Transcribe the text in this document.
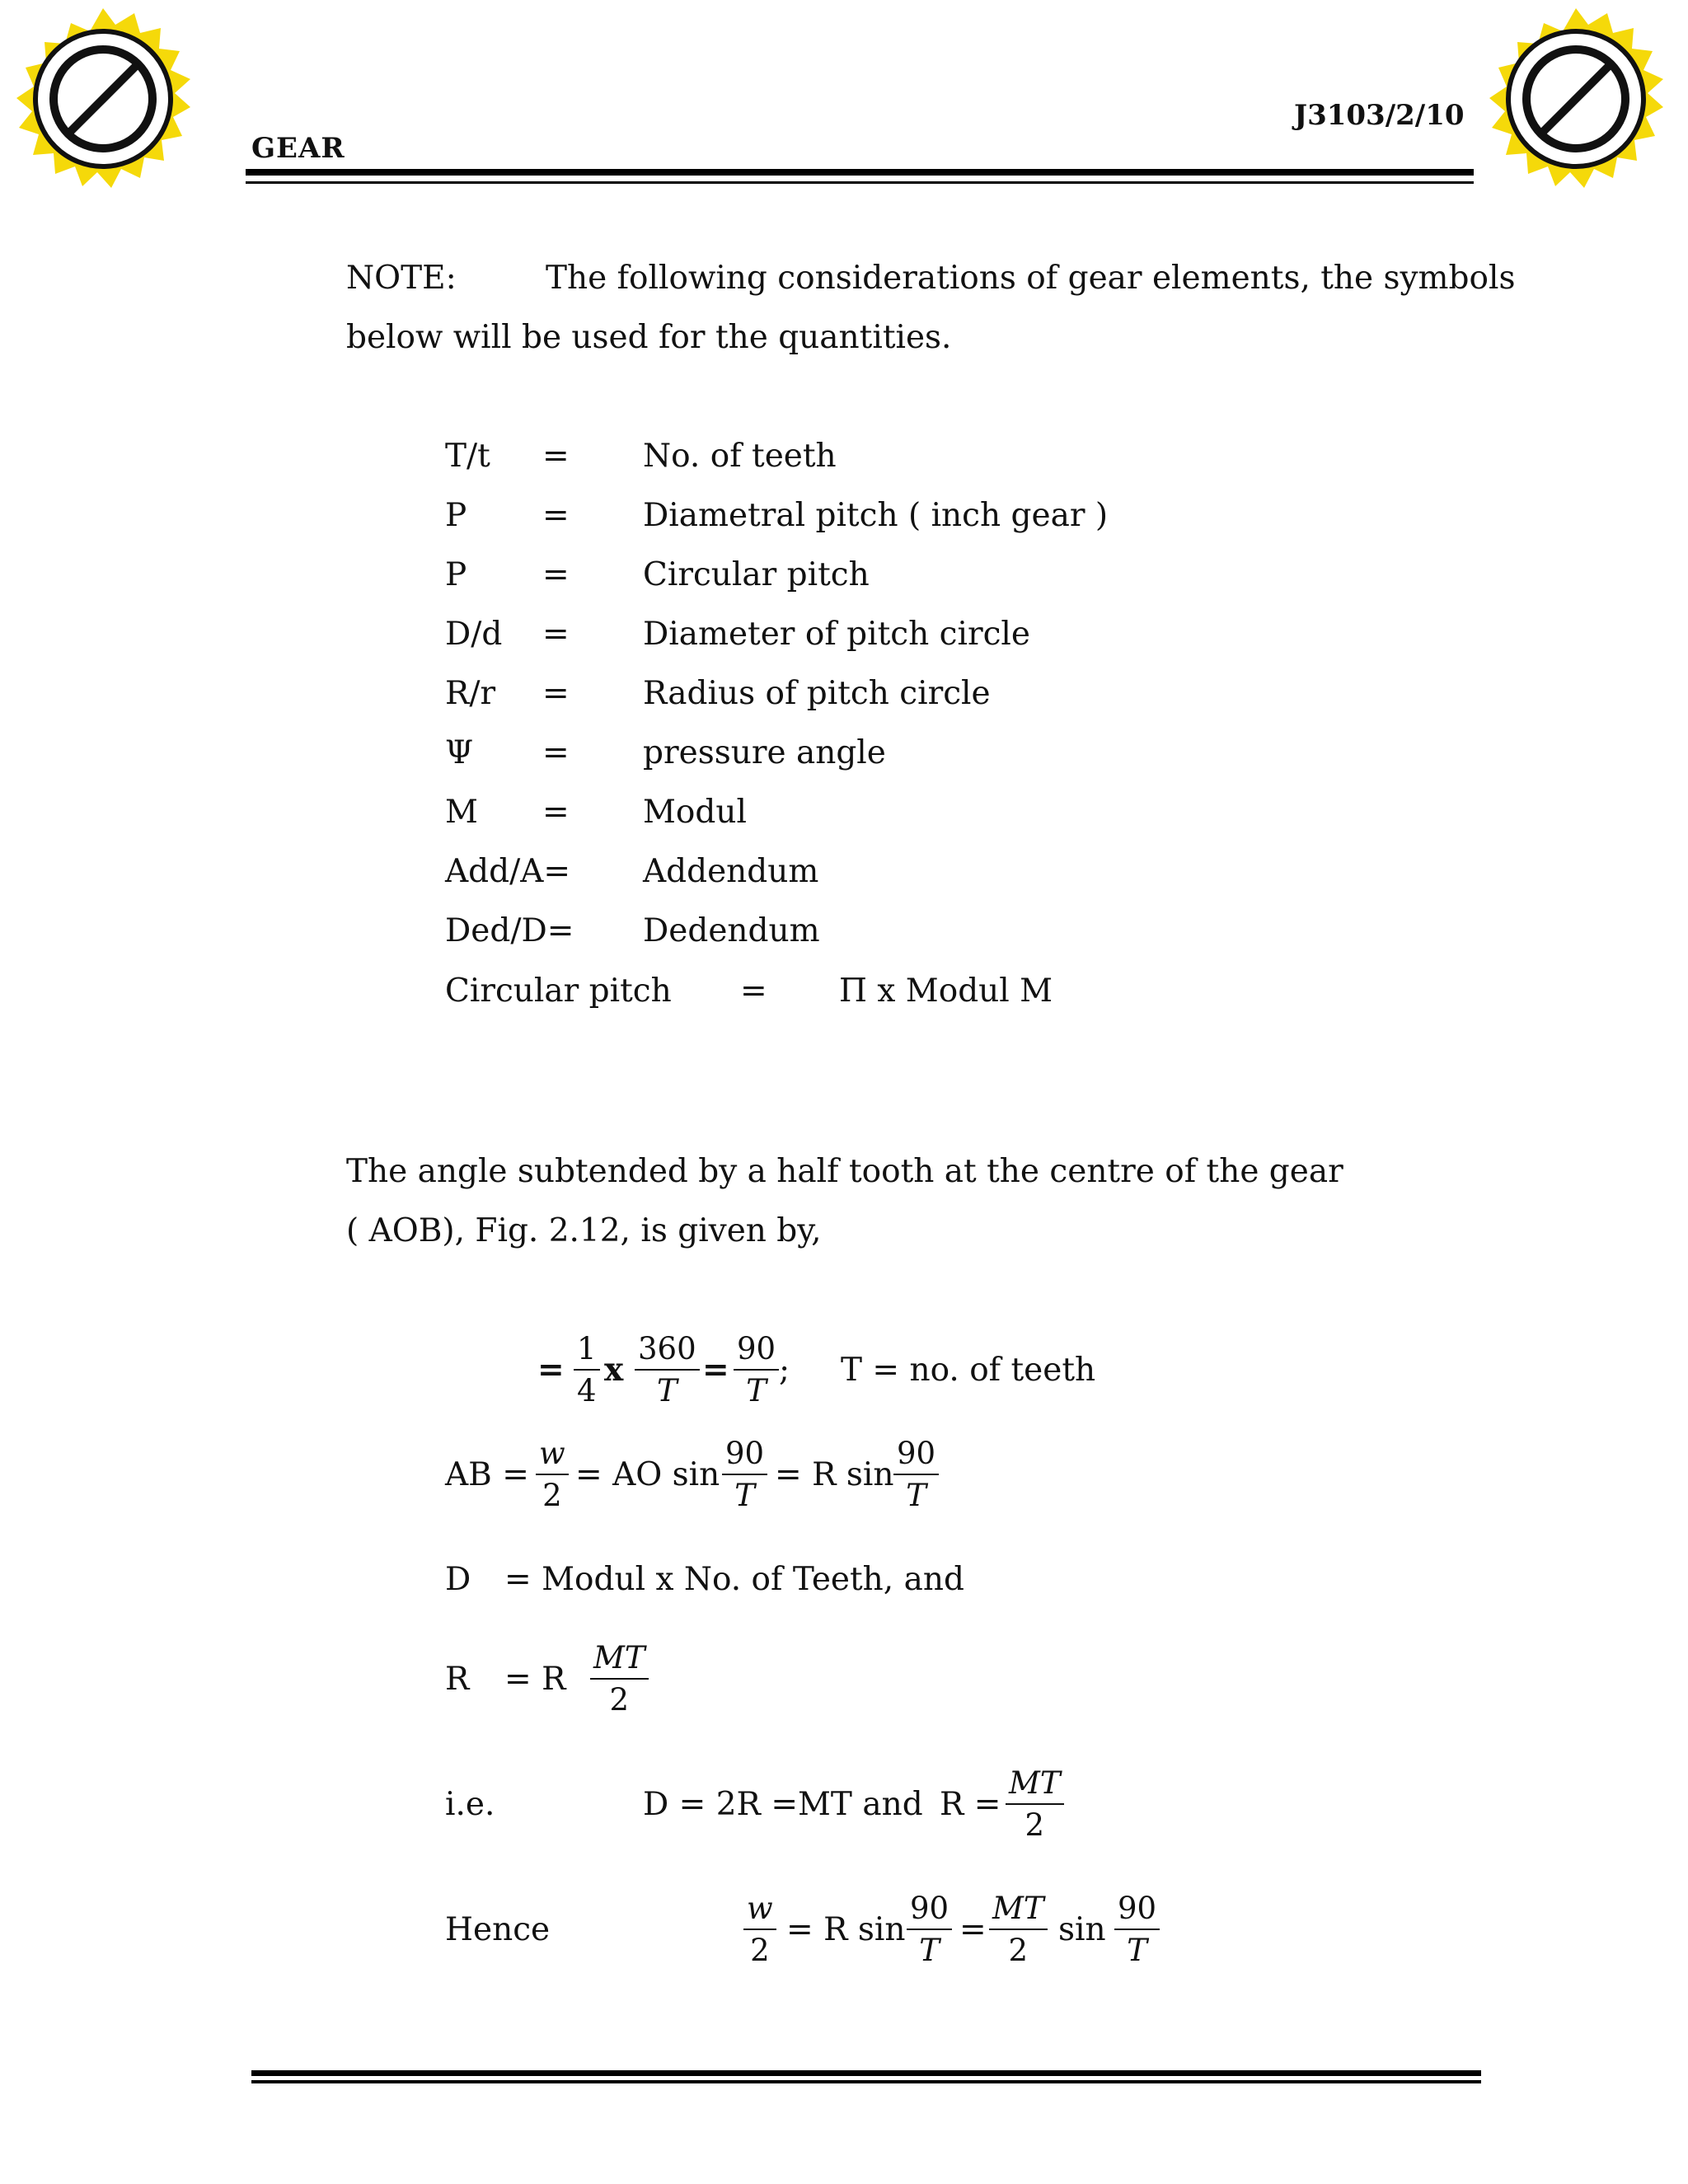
GEAR
J3103/2/10
NOTE:	The following considerations of gear elements, the symbols
below will be used for the quantities.
T/t = No. of teeth
P = Diametral pitch ( inch gear )
P = Circular pitch
D/d = Diameter of pitch circle
R/r = Radius of pitch circle
Ψ = pressure angle
M = Modul
Add/A= Addendum
Ded/D= Dedendum
Circular pitch = Π x Modul M
The angle subtended by a half tooth at the centre of the gear
( AOB), Fig. 2.12, is given by,
=
1
4
x
360
T
=
90
T
; T = no. of teeth
AB =
w
2
= AO sin
90
T
= R sin
90
T
D = Modul x No. of Teeth, and
R = R
MT
2
i.e.	D = 2R =MT and R =
MT
2
Hence
w
2
= R sin
90
T
=
MT
2
sin
90
T
